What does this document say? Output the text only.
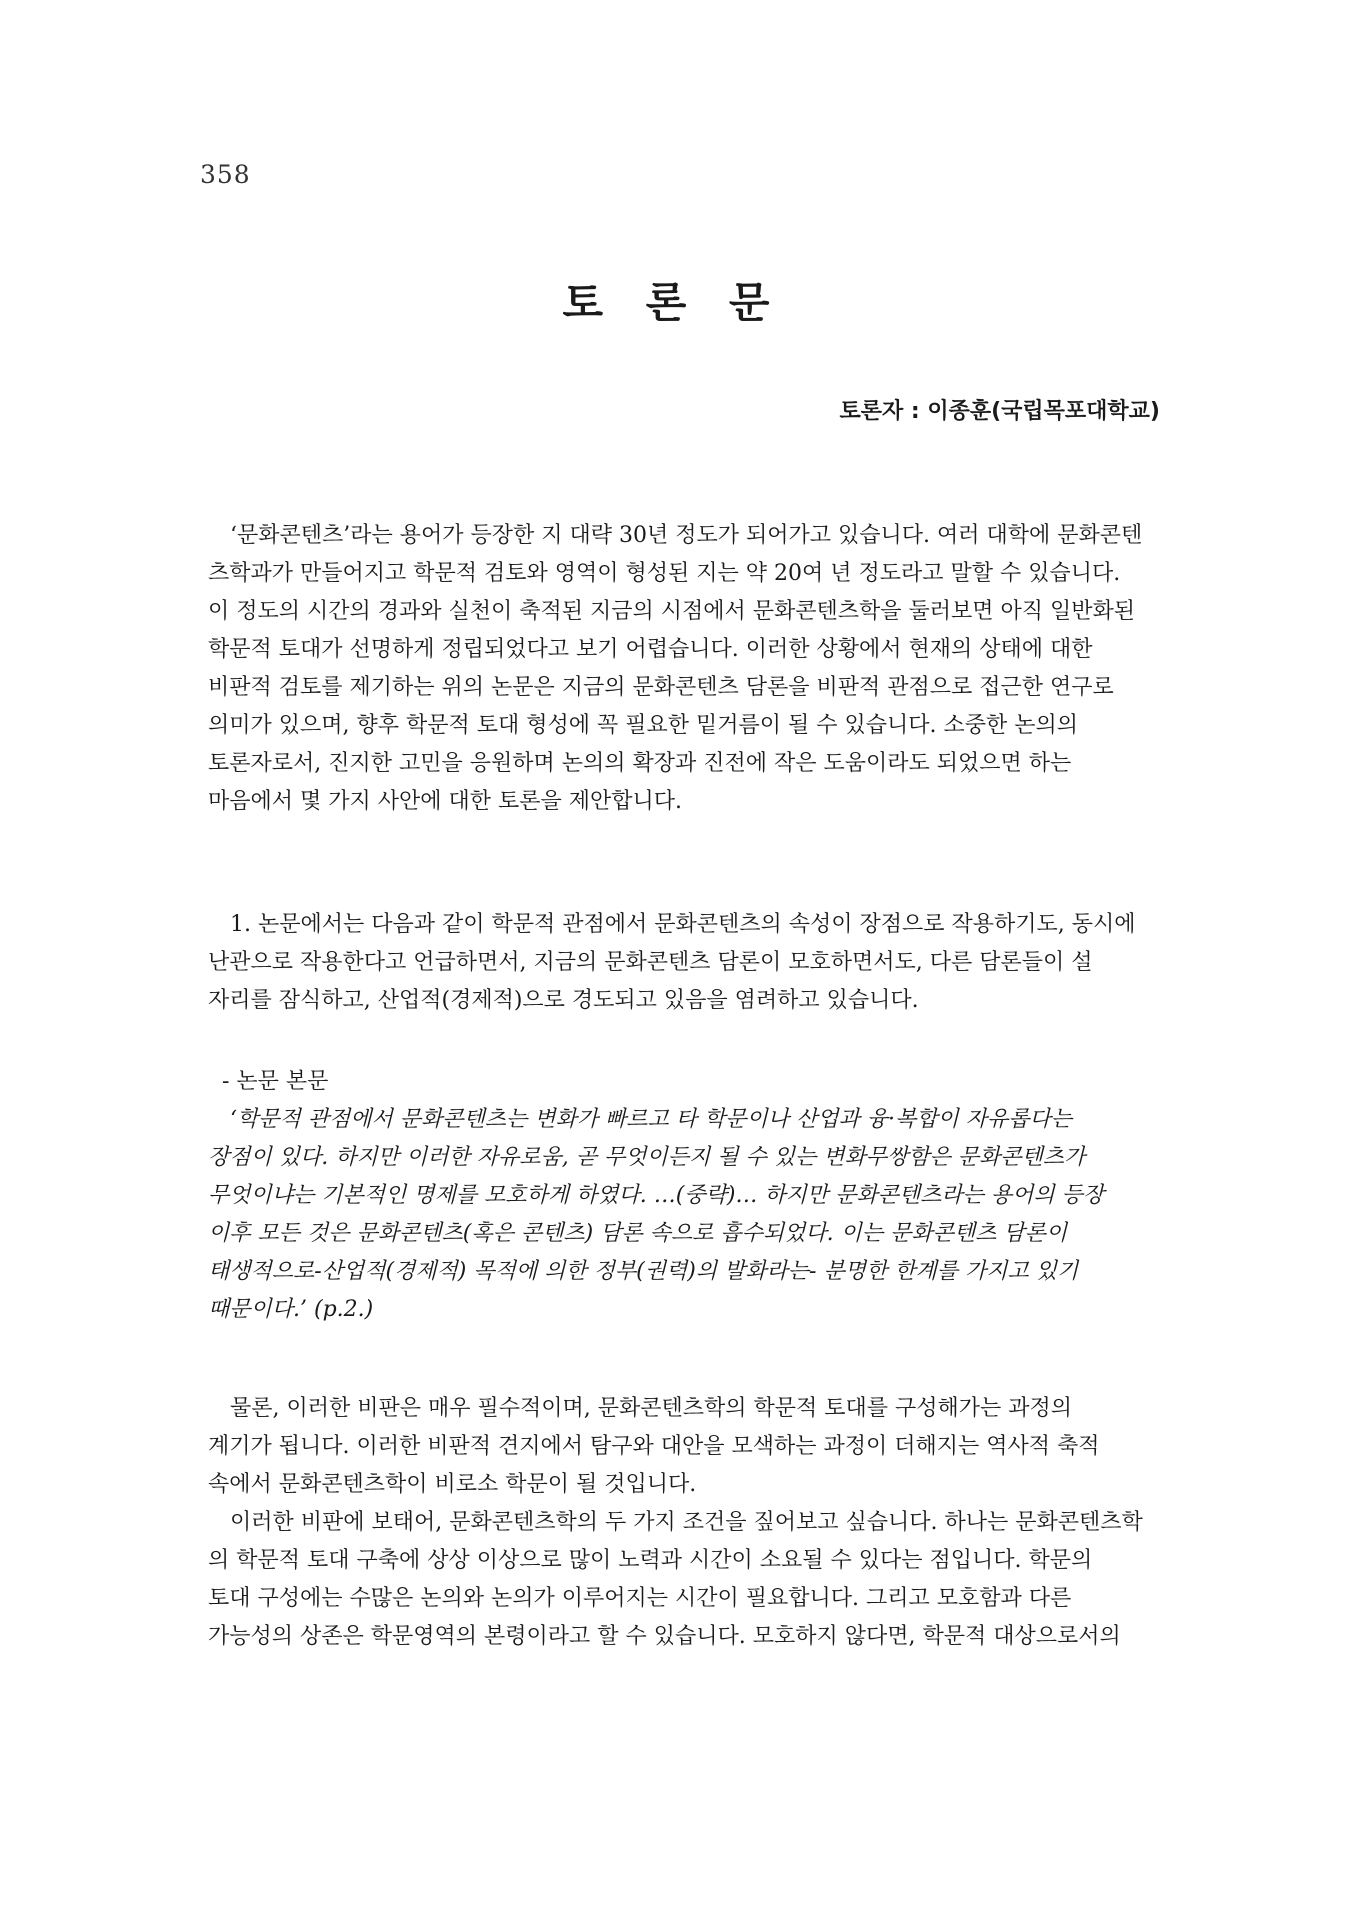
358
토 론 문
토론자 : 이종훈(국립목포대학교)

‘문화콘텐츠’라는 용어가 등장한 지 대략 30년 정도가 되어가고 있습니다. 여러 대학에 문화콘텐
츠학과가 만들어지고 학문적 검토와 영역이 형성된 지는 약 20여 년 정도라고 말할 수 있습니다.
이 정도의 시간의 경과와 실천이 축적된 지금의 시점에서 문화콘텐츠학을 둘러보면 아직 일반화된
학문적 토대가 선명하게 정립되었다고 보기 어렵습니다. 이러한 상황에서 현재의 상태에 대한
비판적 검토를 제기하는 위의 논문은 지금의 문화콘텐츠 담론을 비판적 관점으로 접근한 연구로
의미가 있으며, 향후 학문적 토대 형성에 꼭 필요한 밑거름이 될 수 있습니다. 소중한 논의의
토론자로서, 진지한 고민을 응원하며 논의의 확장과 진전에 작은 도움이라도 되었으면 하는
마음에서 몇 가지 사안에 대한 토론을 제안합니다.

1. 논문에서는 다음과 같이 학문적 관점에서 문화콘텐츠의 속성이 장점으로 작용하기도, 동시에
난관으로 작용한다고 언급하면서, 지금의 문화콘텐츠 담론이 모호하면서도, 다른 담론들이 설
자리를 잠식하고, 산업적(경제적)으로 경도되고 있음을 염려하고 있습니다.

- 논문 본문

‘학문적 관점에서 문화콘텐츠는 변화가 빠르고 타 학문이나 산업과 융·복합이 자유롭다는
장점이 있다. 하지만 이러한 자유로움, 곧 무엇이든지 될 수 있는 변화무쌍함은 문화콘텐츠가
무엇이냐는 기본적인 명제를 모호하게 하였다. …(중략)… 하지만 문화콘텐츠라는 용어의 등장
이후 모든 것은 문화콘텐츠(혹은 콘텐츠) 담론 속으로 흡수되었다. 이는 문화콘텐츠 담론이
태생적으로-산업적(경제적) 목적에 의한 정부(권력)의 발화라는- 분명한 한계를 가지고 있기
때문이다.’ (p.2.)

물론, 이러한 비판은 매우 필수적이며, 문화콘텐츠학의 학문적 토대를 구성해가는 과정의
계기가 됩니다. 이러한 비판적 견지에서 탐구와 대안을 모색하는 과정이 더해지는 역사적 축적
속에서 문화콘텐츠학이 비로소 학문이 될 것입니다.

이러한 비판에 보태어, 문화콘텐츠학의 두 가지 조건을 짚어보고 싶습니다. 하나는 문화콘텐츠학
의 학문적 토대 구축에 상상 이상으로 많이 노력과 시간이 소요될 수 있다는 점입니다. 학문의
토대 구성에는 수많은 논의와 논의가 이루어지는 시간이 필요합니다. 그리고 모호함과 다른
가능성의 상존은 학문영역의 본령이라고 할 수 있습니다. 모호하지 않다면, 학문적 대상으로서의
